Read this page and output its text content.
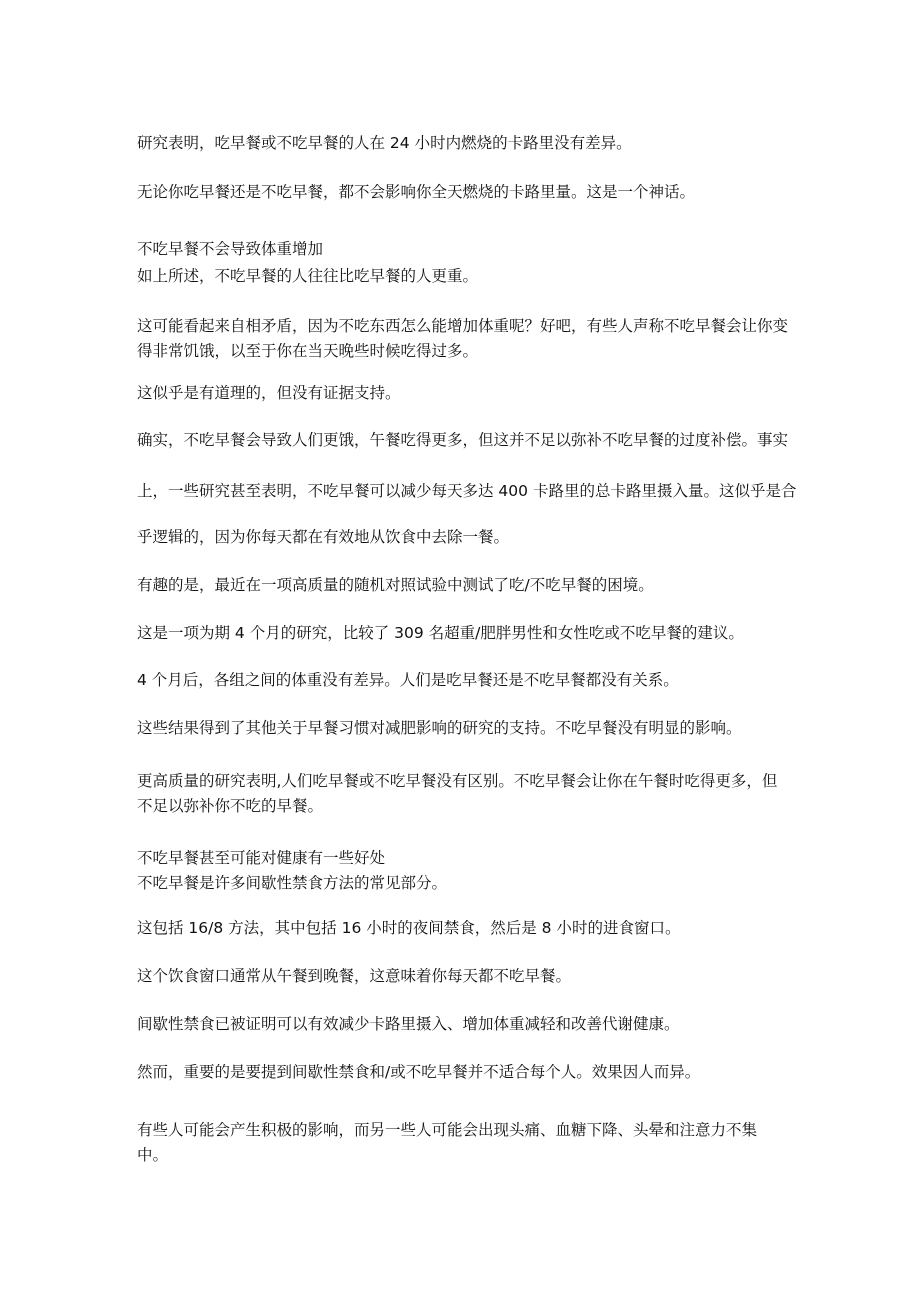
研究表明，吃早餐或不吃早餐的人在 24 小时内燃烧的卡路里没有差异。
无论你吃早餐还是不吃早餐，都不会影响你全天燃烧的卡路里量。这是一个神话。
不吃早餐不会导致体重增加
如上所述，不吃早餐的人往往比吃早餐的人更重。
这可能看起来自相矛盾，因为不吃东西怎么能增加体重呢？好吧，有些人声称不吃早餐会让你变
得非常饥饿，以至于你在当天晚些时候吃得过多。
这似乎是有道理的，但没有证据支持。
确实，不吃早餐会导致人们更饿，午餐吃得更多，但这并不足以弥补不吃早餐的过度补偿。事实
上，一些研究甚至表明，不吃早餐可以减少每天多达 400 卡路里的总卡路里摄入量。这似乎是合
乎逻辑的，因为你每天都在有效地从饮食中去除一餐。
有趣的是，最近在一项高质量的随机对照试验中测试了吃/不吃早餐的困境。
这是一项为期 4 个月的研究，比较了 309 名超重/肥胖男性和女性吃或不吃早餐的建议。
4 个月后，各组之间的体重没有差异。人们是吃早餐还是不吃早餐都没有关系。
这些结果得到了其他关于早餐习惯对减肥影响的研究的支持。不吃早餐没有明显的影响。
更高质量的研究表明,人们吃早餐或不吃早餐没有区别。不吃早餐会让你在午餐时吃得更多，但
不足以弥补你不吃的早餐。
不吃早餐甚至可能对健康有一些好处
不吃早餐是许多间歇性禁食方法的常见部分。
这包括 16/8 方法，其中包括 16 小时的夜间禁食，然后是 8 小时的进食窗口。
这个饮食窗口通常从午餐到晚餐，这意味着你每天都不吃早餐。
间歇性禁食已被证明可以有效减少卡路里摄入、增加体重减轻和改善代谢健康。
然而，重要的是要提到间歇性禁食和/或不吃早餐并不适合每个人。效果因人而异。
有些人可能会产生积极的影响，而另一些人可能会出现头痛、血糖下降、头晕和注意力不集
中。
